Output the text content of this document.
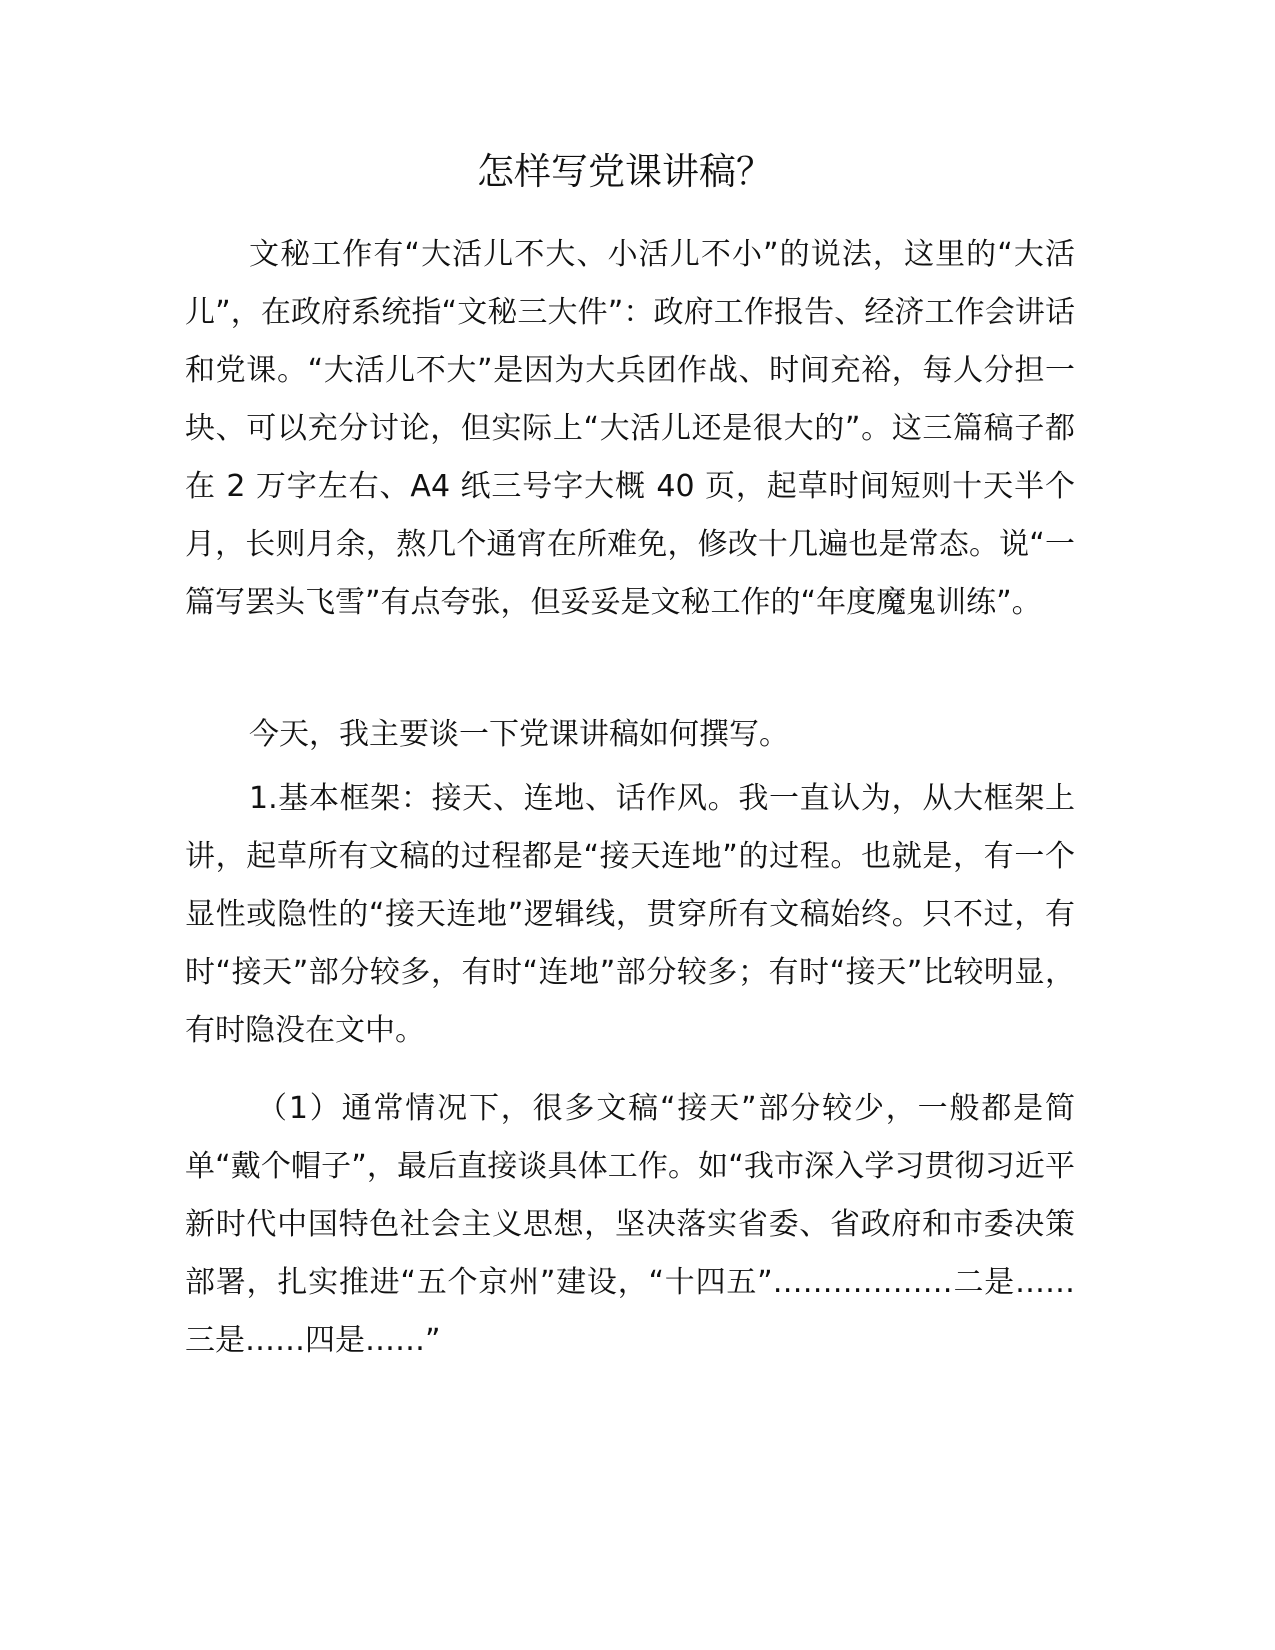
怎样写党课讲稿？

文秘工作有“大活儿不大、小活儿不小”的说法，这里的“大活儿”，在政府系统指“文秘三大件”：政府工作报告、经济工作会讲话和党课。“大活儿不大”是因为大兵团作战、时间充裕，每人分担一块、可以充分讨论，但实际上“大活儿还是很大的”。这三篇稿子都在 2 万字左右、A4 纸三号字大概 40 页，起草时间短则十天半个月，长则月余，熬几个通宵在所难免，修改十几遍也是常态。说“一篇写罢头飞雪”有点夸张，但妥妥是文秘工作的“年度魔鬼训练”。

今天，我主要谈一下党课讲稿如何撰写。

1.基本框架：接天、连地、话作风。我一直认为，从大框架上讲，起草所有文稿的过程都是“接天连地”的过程。也就是，有一个显性或隐性的“接天连地”逻辑线，贯穿所有文稿始终。只不过，有时“接天”部分较多，有时“连地”部分较多；有时“接天”比较明显，有时隐没在文中。

（1）通常情况下，很多文稿“接天”部分较少，一般都是简单“戴个帽子”，最后直接谈具体工作。如“我市深入学习贯彻习近平新时代中国特色社会主义思想，坚决落实省委、省政府和市委决策部署，扎实推进“五个京州”建设，“十四五”………………二是……三是……四是……”
